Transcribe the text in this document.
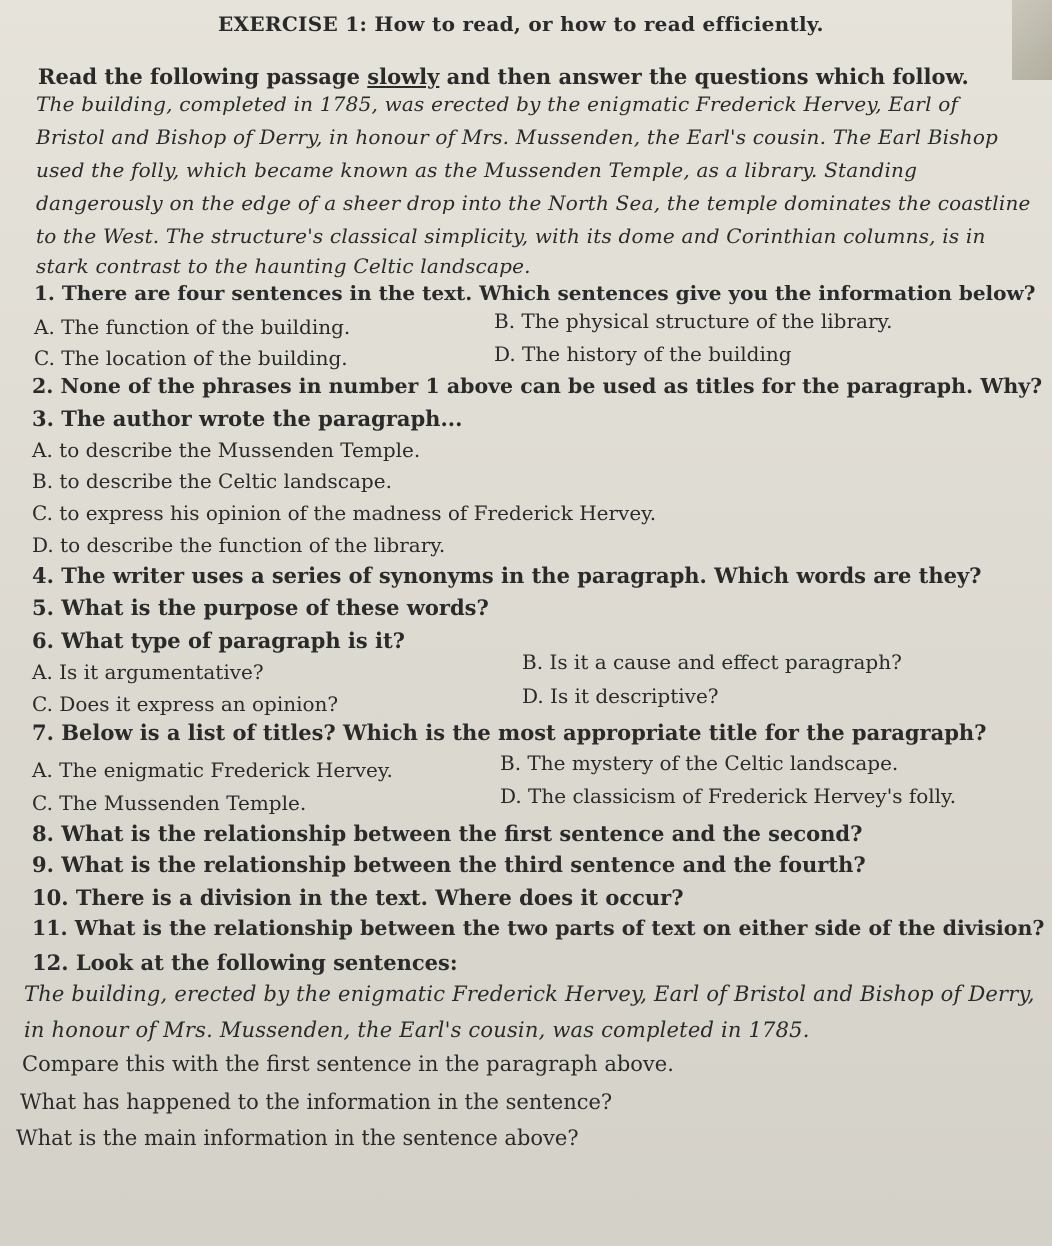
EXERCISE 1: How to read, or how to read efficiently.
Read the following passage slowly and then answer the questions which follow.
The building, completed in 1785, was erected by the enigmatic Frederick Hervey, Earl of
Bristol and Bishop of Derry, in honour of Mrs. Mussenden, the Earl's cousin. The Earl Bishop
used the folly, which became known as the Mussenden Temple, as a library. Standing
dangerously on the edge of a sheer drop into the North Sea, the temple dominates the coastline
to the West. The structure's classical simplicity, with its dome and Corinthian columns, is in
stark contrast to the haunting Celtic landscape.
1. There are four sentences in the text. Which sentences give you the information below?
A. The function of the building.	B. The physical structure of the library.
C. The location of the building.	D. The history of the building
2. None of the phrases in number 1 above can be used as titles for the paragraph. Why?
3. The author wrote the paragraph...
A. to describe the Mussenden Temple.
B. to describe the Celtic landscape.
C. to express his opinion of the madness of Frederick Hervey.
D. to describe the function of the library.
4. The writer uses a series of synonyms in the paragraph. Which words are they?
5. What is the purpose of these words?
6. What type of paragraph is it?
A. Is it argumentative?	B. Is it a cause and effect paragraph?
C. Does it express an opinion?	D. Is it descriptive?
7. Below is a list of titles? Which is the most appropriate title for the paragraph?
A. The enigmatic Frederick Hervey.	B. The mystery of the Celtic landscape.
C. The Mussenden Temple.	D. The classicism of Frederick Hervey's folly.
8. What is the relationship between the first sentence and the second?
9. What is the relationship between the third sentence and the fourth?
10. There is a division in the text. Where does it occur?
11. What is the relationship between the two parts of text on either side of the division?
12. Look at the following sentences:
The building, erected by the enigmatic Frederick Hervey, Earl of Bristol and Bishop of Derry,
in honour of Mrs. Mussenden, the Earl's cousin, was completed in 1785.
Compare this with the first sentence in the paragraph above.
What has happened to the information in the sentence?
What is the main information in the sentence above?
